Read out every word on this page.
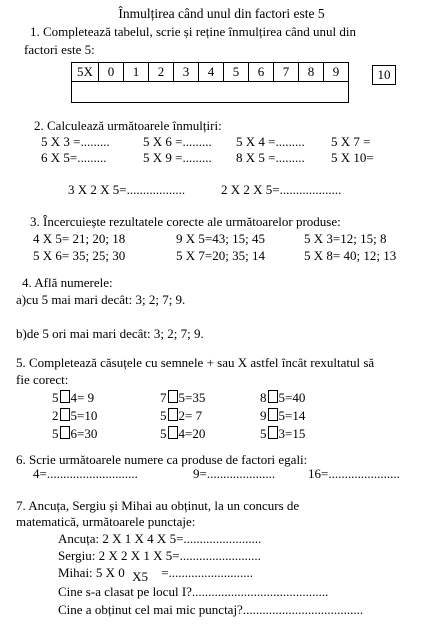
Înmulțirea când unul din factori este 5
1. Completează tabelul, scrie și reține înmulțirea când unul din
factori este 5:
5X	0	1	2	3	4	5	6	7	8	9
											10
2. Calculează următoarele înmulțiri:
5 X 3 =.........	5 X 6 =......... 5 X 4 =......... 5 X 7 =
6 X 5=.........	5 X 9 =......... 8 X 5 =......... 5 X 10=
3 X 2 X 5=..................	2 X 2 X 5=...................
3. Încercuiește rezultatele corecte ale următoarelor produse:
4 X 5= 21; 20; 18	9 X 5=43; 15; 45	5 X 3=12; 15; 8
5 X 6= 35; 25; 30	5 X 7=20; 35; 14	5 X 8= 40; 12; 13
4. Află numerele:
a)cu 5 mai mari decât: 3; 2; 7; 9.
b)de 5 ori mai mari decât: 3; 2; 7; 9.
5. Completează căsuțele cu semnele + sau X astfel încât rexultatul să
fie corect:
5 4= 9	7 5=35	8 5=40
2 5=10	5 2= 7	9 5=14
5 6=30	5 4=20	5 3=15
6. Scrie următoarele numere ca produse de factori egali:
4=............................	9=.....................	16=......................
7. Ancuța, Sergiu și Mihai au obținut, la un concurs de
matematică, următoarele punctaje:
Ancuța: 2 X 1 X 4 X 5=........................
Sergiu: 2 X 2 X 1 X 5=.........................
Mihai: 5 X 0 X5 =..........................
Cine s-a clasat pe locul I?..........................................
Cine a obținut cel mai mic punctaj?.....................................
